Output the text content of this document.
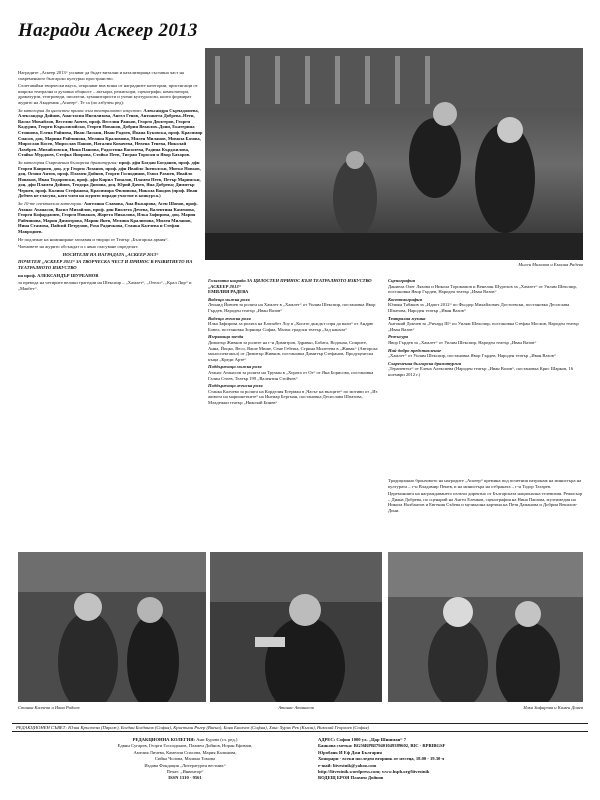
Награди Аскеер 2013
Наградите „Аскеер 2013“ успяват да бъдат витални и катализираща съставна част на съвременното българско културно пространство.
Съчетавайки творчески вкусъ, открояват във всяка от наградните категории, пристигащи от широка театрална и духовна общност – актьори, режисьори, сценографи, композитори, драматурзи, театроведи, писатели, хуманитаристи и учени културолози, които формират журито на Академия „Аскеер“. Те са (по азбучен ред):
За категория За цялостен принос към театралното изкуство: Александра Сърчаджиева, Александър Дойнов, Анастасия Ингилизова, Ангел Генов, Антоанета Добрева–Нети, Васил Михайлов, Веселин Анчев, проф. Веселин Ранков, Георги Дюлгеров, Георги Кадурин, Георги Кърклисийски, Георги Новаков, Добрин Векилов–Дони, Екатерина Стоянова, Елена Райнова, Иван Ласкин, Иван Радоев, Йоана Буковска, проф. Красимир Спасов, доц. Марина Райчинова, Мелина Кралимова, Милен Миланов, Мимоза Базова, Мирослав Косев, Мирослав Пашов, Наталия Ковачева, Невена Тенева, Николай Ламбрев–Михайловски, Нина Пашова, Радостина Василева, Радина Кърджилова, Стайко Мурджев, Стефка Янорова, Стойко Пеев, Тигран Торосян и Явор Бахаров.
За категория Съвременна българска драматургия: проф. дфн Богдан Богданов, проф. дфн Георги Каприев, доц. д-р Георги Лозанов, проф. дфн Ивайло Знеполски, Митко Новков, доц. Огнян Антов, проф. Пламен Дойнов, Георги Господинов, Емил Рахнев, Ивайло Новаков, Иван Тодоровски, проф. дфн Кирил Топалов, Пламен Пеев, Петър Марински, доц. дфн Пламен Дойнов, Теодора Димова, доц. Юрий Дачев, Яна Добрева; Димитър Чернев, проф. Калина Стефанова, Красимира Филипова, Никола Вандов (проф. Иван Добчев не гласува, като член на журито поради участие в конкурса.)
За 10-те спектакъла категории: Ангелина Славова, Ана Въжарова, Асен Шопов, проф. Атанас Атанасов, Васил Михайлов, проф. дин Виолета Дечева, Валентина Каменова, Георги Кофарджиев, Георги Новаков, Жорета Николова, Илка Зафирова, доц. Мария Райчинова, Мария Димитрова, Марин Янев, Мелина Кралимова, Милен Миланов, Нина Стамова, Пайсий Петрунов, Роза Радичкова, Станка Калчева и Стефан Мавродиев.
Не подлежат на номиниране заглавия и творци от Театър „Българска армия“.
Членовете на журито обсъждат и с явно гласуване определят:
НОСИТЕЛИ НА НАГРАДАТА „АСКЕЕР 2013“
ПОЧЕТЕН „АСКЕЕР 2013“ ЗА ТВОРЧЕСКА ЧЕСТ И ПРИНОС В РАЗВИТИЕТО НА ТЕАТРАЛНОТО ИЗКУСТВО
на проф. АЛЕКСАНДЪР ШУРБАНОВ
за превода на четирите велики трагедии на Шекспир – „Хамлет“, „Отело“, „Крал Лир“ и „Макбет“.
Милен Миланов и Емилия Радева
Голямата награда ЗА ЦЯЛОСТЕН ПРИНОС КЪМ ТЕАТРАЛНОТО ИЗКУСТВО „АСКЕЕР 2013“
ЕМИЛИЯ РАДЕВА
Водеща мъжка роля
Леонид Йовчев за ролята на Хамлет в „Хамлет“ от Уилям Шекспир, постановка Явор Гърдев, Народен театър „Иван Вазов“
Водеща женска роля
Илка Зафирова за ролята на Елизабет Лоу в „Когато дъждът спря да вали“ от Андрю Бовел, постановка Зорница Софиа, Малък градски театър „Зад канала“
Изгряваща звезда
Димитър Живков за ролите на г-н Димитров, Здравко, Бабата, Водоная, Спирите, Анна, Йоцко, Весо, Ваше Мише, Сене Гебеша, Стрина Милетева в „Живак“ (Авторска моноспектакъл) от Димитър Живков, постановка Димитър Стефанов, Продуцентска къща „Креди Арте“
Поддържаща мъжка роля
Атанас Атанасов за ролята на Труман в „Хората от Оз“ от Яна Борисова, постановка Галин Стоев, Театър 199 „Валентин Стойчев“
Поддържаща женска роля
Станка Калчева за ролята на Корделия Егерман в „Часът на вълците“ по мотиви от „Из живота на марионетките“ на Ингмар Бергман, постановка Десислава Шпатова, Младежки театър „Николай Бинев“
Сценография
Даниела Олег Ляхова и Никола Торомамов и Венелин Шурелов за „Хамлет“ от Уилям Шекспир, постановка Явор Гърдев, Народен театър „Иван Вазов“
Костюмография
Юлиян Табаков за „Идиот 2012“ по Фьодор Михайлович Достоевски, постановка Десислава Шпатова, Народен театър „Иван Вазов“
Театрална музика
Антоний Дончев за „Ричард III“ по Уилям Шекспир, постановка Стефан Москов, Народен театър „Иван Вазов“
Режисура
Явор Гърдев за „Хамлет“ от Уилям Шекспир, Народен театър „Иван Вазов“
Най-добро представление
„Хамлет“ от Уилям Шекспир, постановка Явор Гърдев, Народен театър „Иван Вазов“
Съвременна българска драматургия
„Терапевтът“ от Елена Алексиева (Народен театър „Иван Вазов“, постановка Крис Шарков, 16 ноември 2012 г.)
Традиционно бронзовото на наградите „Аскеер“ премина под почетния патронаж на министъра на културата – г-н Владимир Пенев, и на министъра на отбраната – г-н Тодор Тагарев.
Церемонията на награждаването излъчи директно от Българската национална телевизия. Режисьор – Диана Добрева, по сценарий на Ангел Еленков, сценография на Нина Пашова, мултимедия на Никола Налбантов и Евгения Събева и музикална картина на Петя Даманова и Добрин Векилов-Дони.
Станка Калчева и Иван Радоев	Атанас Атанасов	Илка Зафирова и Камен Донев
РЕДАКЦИОНЕН СЪВЕТ: Юлия Кръстева (Париж), Богдан Богданов (София), Кристиан Рогер (Виена), Боян Биолчев (София), Ханс Хурих Рек (Кьолн), Николай Георгиев (София)
РЕДАКЦИОННА КОЛЕГИЯ: Ани Бурова (гл. ред.)
Едвин Сугарев, Георги Господинов, Пламен Дойнов, Норан Ефимов,
Амелия Личева, Камелия Спасова, Мария Калинова,
Сийка Чолова, Малина Томова
Издава Фондация „Литературен вестник“
Печат: „Инвентор“
ISSN 1310 - 9561
АДРЕС: София 1000 ул. „Цар Шишман“ 7
Банкова сметка: BG56RPBI79401049389602, BIC - RPBIBGSF
Юробанк И Еф Джи България
Хонорари - всеки последен вторник от месеца, 18.00 - 19.30 ч
e-mail: litvestnik@yahoo.com
http://litvestnik.wordpress.com; www.bspb.org/litvestnik
ВОДЕЩ БРОЯ Пламен Дойнов
